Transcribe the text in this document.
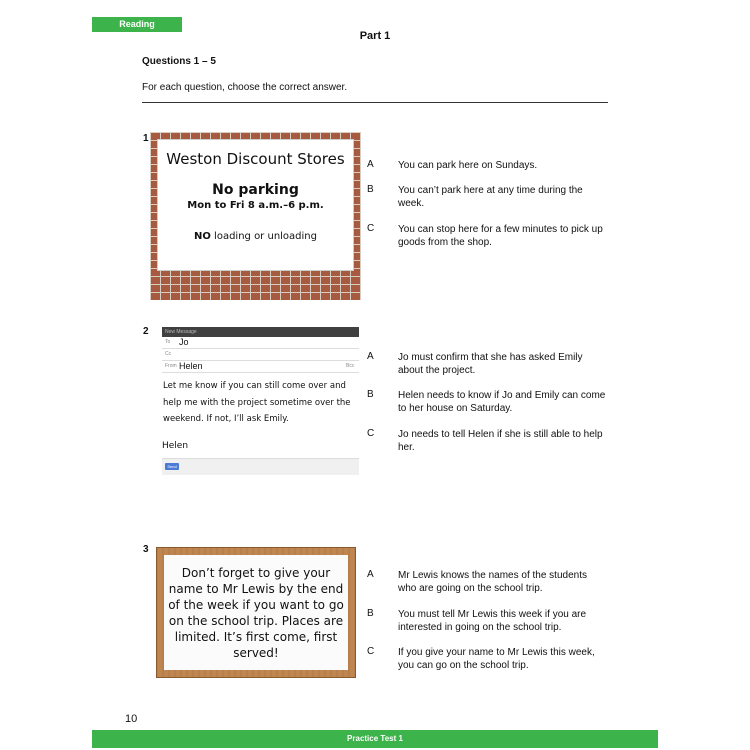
Reading
Part 1
Questions 1 – 5
For each question, choose the correct answer.
1
Weston Discount Stores
No parking
Mon to Fri 8 a.m.–6 p.m.
NO loading or unloading
A You can park here on Sundays.
B You can’t park here at any time during the week.
C You can stop here for a few minutes to pick up goods from the shop.
2	New Message
To Jo
Cc
From Helen	Bcc
Let me know if you can still come over and help me with the project sometime over the weekend. If not, I’ll ask Emily.
Helen
Send
A Jo must confirm that she has asked Emily about the project.
B Helen needs to know if Jo and Emily can come to her house on Saturday.
C Jo needs to tell Helen if she is still able to help her.
3
Don’t forget to give your name to Mr Lewis by the end of the week if you want to go on the school trip. Places are limited. It’s first come, first served!
A Mr Lewis knows the names of the students who are going on the school trip.
B You must tell Mr Lewis this week if you are interested in going on the school trip.
C If you give your name to Mr Lewis this week, you can go on the school trip.
10
Practice Test 1
